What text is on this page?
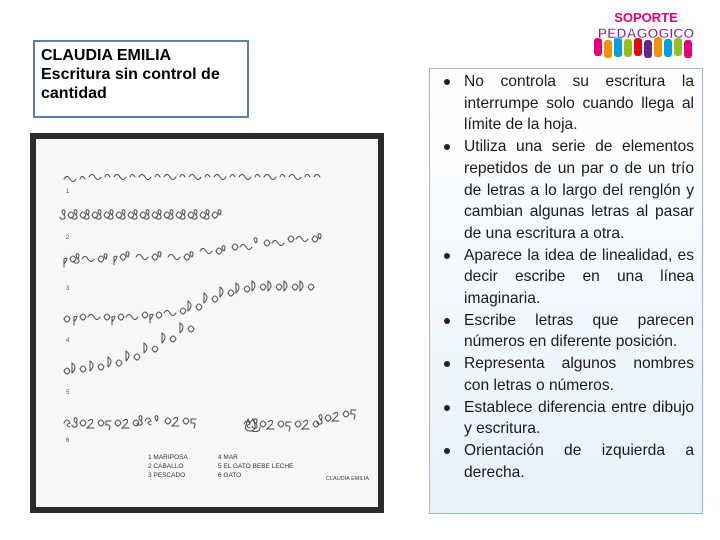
CLAUDIA EMILIA
Escritura sin control de
cantidad
SOPORTE
PEDAGÓGICO
1
2
3
4
5
6
1 MARIPOSA
2 CABALLO
3 PESCADO
4 MAR
5 EL GATO BEBE LECHE
6 GATO	CLAUDIA EMILIA
No controla su escritura la interrumpe solo cuando llega al límite de la hoja.
Utiliza una serie de elementos repetidos de un par o de un trío de letras a lo largo del renglón y cambian algunas letras al pasar de una escritura a otra.
Aparece la idea de linealidad, es decir escribe en una línea imaginaria.
Escribe letras que parecen números en diferente posición.
Representa algunos nombres con letras o números.
Establece diferencia entre dibujo y escritura.
Orientación de izquierda a derecha.
